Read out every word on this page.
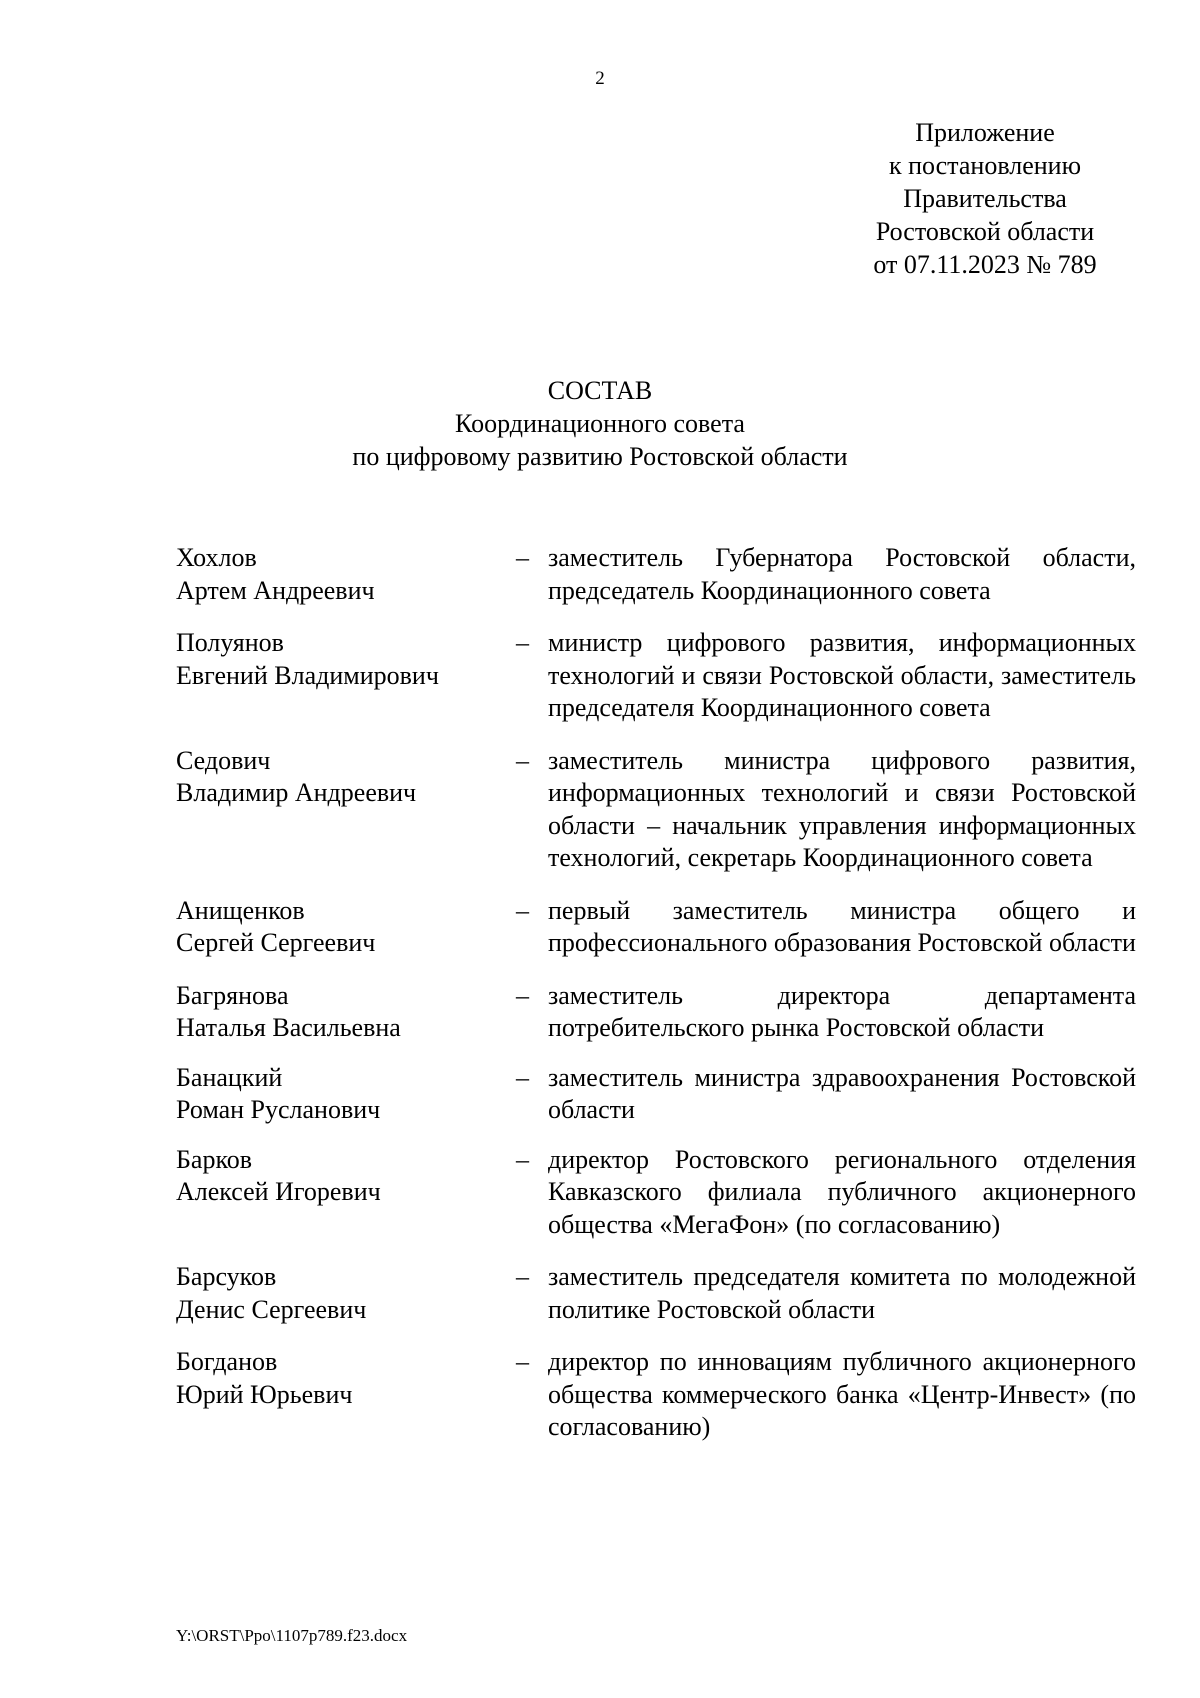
2
Приложение
к постановлению
Правительства
Ростовской области
от 07.11.2023 № 789
СОСТАВ
Координационного совета
по цифровому развитию Ростовской области
Хохлов
Артем Андреевич
– заместитель Губернатора Ростовской области, председатель Координационного совета
Полуянов
Евгений Владимирович
– министр цифрового развития, информационных технологий и связи Ростовской области, заместитель председателя Координационного совета
Седович
Владимир Андреевич
– заместитель министра цифрового развития, информационных технологий и связи Ростовской области – начальник управления информационных технологий, секретарь Координационного совета
Анищенков
Сергей Сергеевич
– первый заместитель министра общего и профессионального образования Ростовской области
Багрянова
Наталья Васильевна
– заместитель директора департамента потребительского рынка Ростовской области
Банацкий
Роман Русланович
– заместитель министра здравоохранения Ростовской области
Барков
Алексей Игоревич
– директор Ростовского регионального отделения Кавказского филиала публичного акционерного общества «МегаФон» (по согласованию)
Барсуков
Денис Сергеевич
– заместитель председателя комитета по молодежной политике Ростовской области
Богданов
Юрий Юрьевич
– директор по инновациям публичного акционерного общества коммерческого банка «Центр-Инвест» (по согласованию)
Y:\ORST\Ppo\1107p789.f23.docx
